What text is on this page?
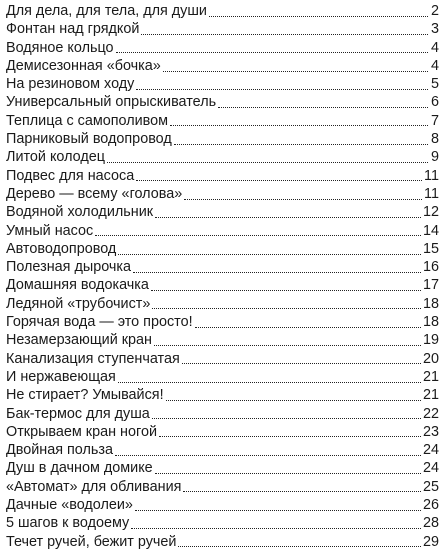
Для дела, для тела, для души	2
Фонтан над грядкой	3
Водяное кольцо	4
Демисезонная «бочка»	4
На резиновом ходу	5
Универсальный опрыскиватель	6
Теплица с самополивом	7
Парниковый водопровод	8
Литой колодец	9
Подвес для насоса	11
Дерево — всему «голова»	11
Водяной холодильник	12
Умный насос	14
Автоводопровод	15
Полезная дырочка	16
Домашняя водокачка	17
Ледяной «трубочист»	18
Горячая вода — это просто!	18
Незамерзающий кран	19
Канализация ступенчатая	20
И нержавеющая	21
Не стирает? Умывайся!	21
Бак-термос для душа	22
Открываем кран ногой	23
Двойная польза	24
Душ в дачном домике	24
«Автомат» для обливания	25
Дачные «водолеи»	26
5 шагов к водоему	28
Течет ручей, бежит ручей	29
